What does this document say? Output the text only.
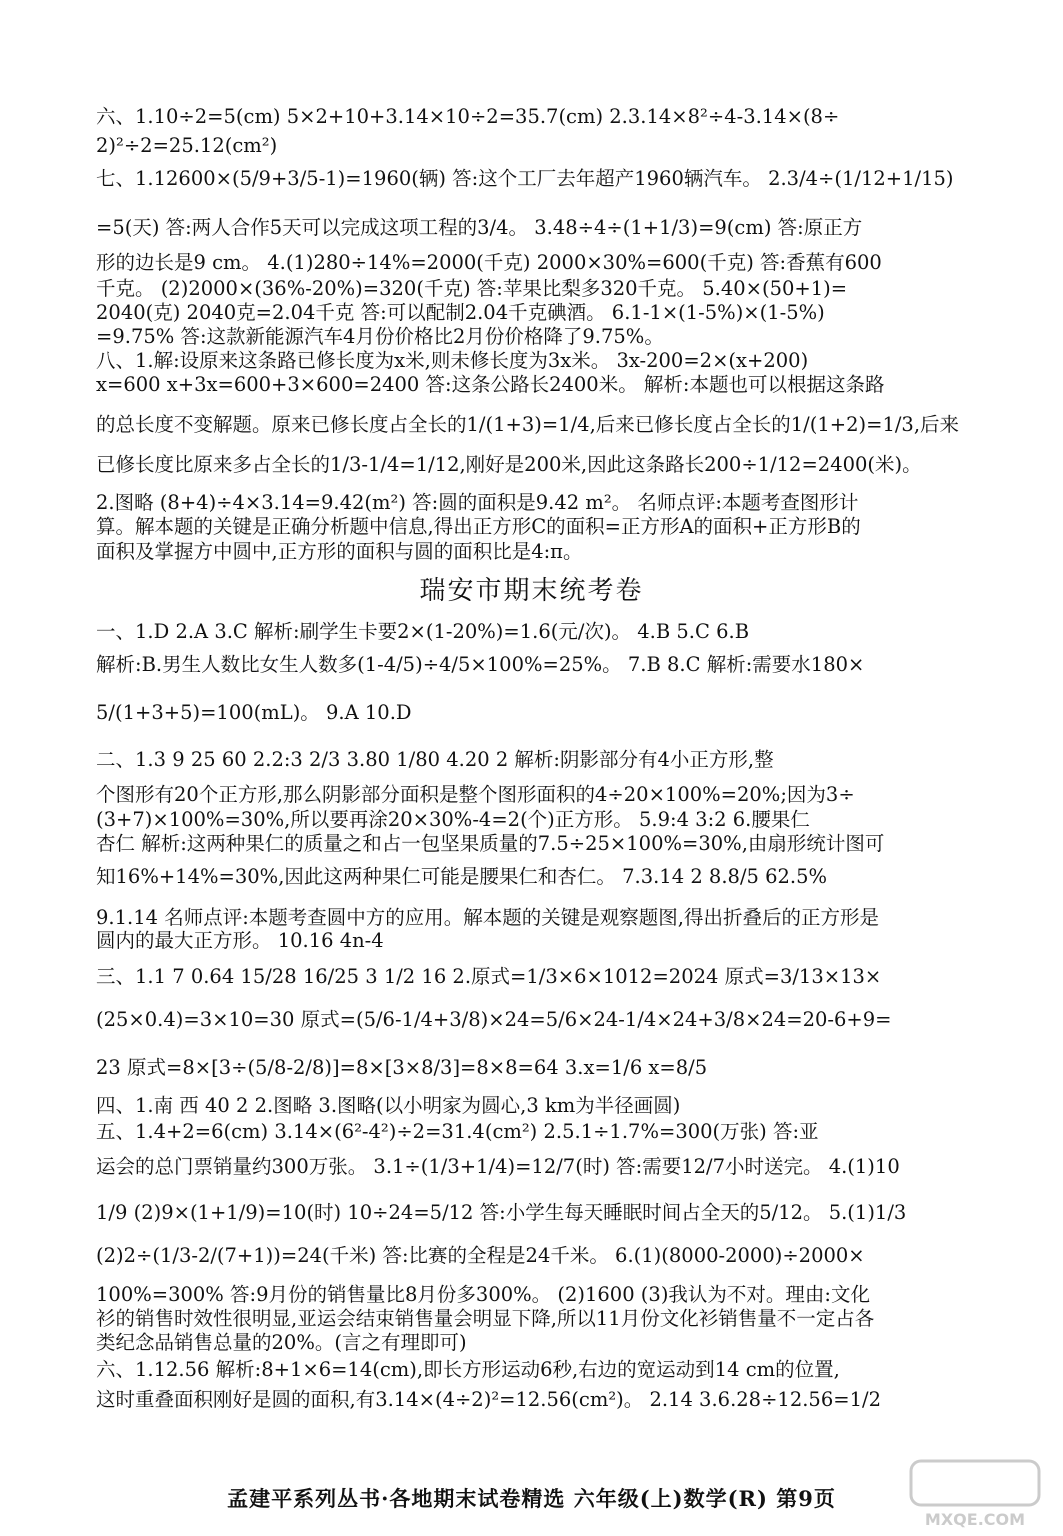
六、1.10÷2=5(cm) 5×2+10+3.14×10÷2=35.7(cm) 2.3.14×8²÷4-3.14×(8÷
2)²÷2=25.12(cm²)
七、1.12600×(5/9+3/5-1)=1960(辆) 答:这个工厂去年超产1960辆汽车。 2.3/4÷(1/12+1/15)
=5(天) 答:两人合作5天可以完成这项工程的3/4。 3.48÷4÷(1+1/3)=9(cm) 答:原正方
形的边长是9 cm。 4.(1)280÷14%=2000(千克) 2000×30%=600(千克) 答:香蕉有600
千克。 (2)2000×(36%-20%)=320(千克) 答:苹果比梨多320千克。 5.40×(50+1)=
2040(克) 2040克=2.04千克 答:可以配制2.04千克碘酒。 6.1-1×(1-5%)×(1-5%)
=9.75% 答:这款新能源汽车4月份价格比2月份价格降了9.75%。
八、1.解:设原来这条路已修长度为x米,则未修长度为3x米。 3x-200=2×(x+200)
x=600 x+3x=600+3×600=2400 答:这条公路长2400米。 解析:本题也可以根据这条路
的总长度不变解题。原来已修长度占全长的1/(1+3)=1/4,后来已修长度占全长的1/(1+2)=1/3,后来
已修长度比原来多占全长的1/3-1/4=1/12,刚好是200米,因此这条路长200÷1/12=2400(米)。
2.图略 (8+4)÷4×3.14=9.42(m²) 答:圆的面积是9.42 m²。 名师点评:本题考查图形计
算。解本题的关键是正确分析题中信息,得出正方形C的面积=正方形A的面积+正方形B的
面积及掌握方中圆中,正方形的面积与圆的面积比是4:π。
瑞安市期末统考卷
一、1.D 2.A 3.C 解析:刷学生卡要2×(1-20%)=1.6(元/次)。 4.B 5.C 6.B
解析:B.男生人数比女生人数多(1-4/5)÷4/5×100%=25%。 7.B 8.C 解析:需要水180×
5/(1+3+5)=100(mL)。 9.A 10.D
二、1.3 9 25 60 2.2:3 2/3 3.80 1/80 4.20 2 解析:阴影部分有4小正方形,整
个图形有20个正方形,那么阴影部分面积是整个图形面积的4÷20×100%=20%;因为3÷
(3+7)×100%=30%,所以要再涂20×30%-4=2(个)正方形。 5.9:4 3:2 6.腰果仁
杏仁 解析:这两种果仁的质量之和占一包坚果质量的7.5÷25×100%=30%,由扇形统计图可
知16%+14%=30%,因此这两种果仁可能是腰果仁和杏仁。 7.3.14 2 8.8/5 62.5%
9.1.14 名师点评:本题考查圆中方的应用。解本题的关键是观察题图,得出折叠后的正方形是
圆内的最大正方形。 10.16 4n-4
三、1.1 7 0.64 15/28 16/25 3 1/2 16 2.原式=1/3×6×1012=2024 原式=3/13×13×
(25×0.4)=3×10=30 原式=(5/6-1/4+3/8)×24=5/6×24-1/4×24+3/8×24=20-6+9=
23 原式=8×[3÷(5/8-2/8)]=8×[3×8/3]=8×8=64 3.x=1/6 x=8/5
四、1.南 西 40 2 2.图略 3.图略(以小明家为圆心,3 km为半径画圆)
五、1.4+2=6(cm) 3.14×(6²-4²)÷2=31.4(cm²) 2.5.1÷1.7%=300(万张) 答:亚
运会的总门票销量约300万张。 3.1÷(1/3+1/4)=12/7(时) 答:需要12/7小时送完。 4.(1)10
1/9 (2)9×(1+1/9)=10(时) 10÷24=5/12 答:小学生每天睡眠时间占全天的5/12。 5.(1)1/3
(2)2÷(1/3-2/(7+1))=24(千米) 答:比赛的全程是24千米。 6.(1)(8000-2000)÷2000×
100%=300% 答:9月份的销售量比8月份多300%。 (2)1600 (3)我认为不对。理由:文化
衫的销售时效性很明显,亚运会结束销售量会明显下降,所以11月份文化衫销售量不一定占各
类纪念品销售总量的20%。(言之有理即可)
六、1.12.56 解析:8+1×6=14(cm),即长方形运动6秒,右边的宽运动到14 cm的位置,
这时重叠面积刚好是圆的面积,有3.14×(4÷2)²=12.56(cm²)。 2.14 3.6.28÷12.56=1/2
孟建平系列丛书·各地期末试卷精选 六年级(上)数学(R) 第9页
MXQE.COM
